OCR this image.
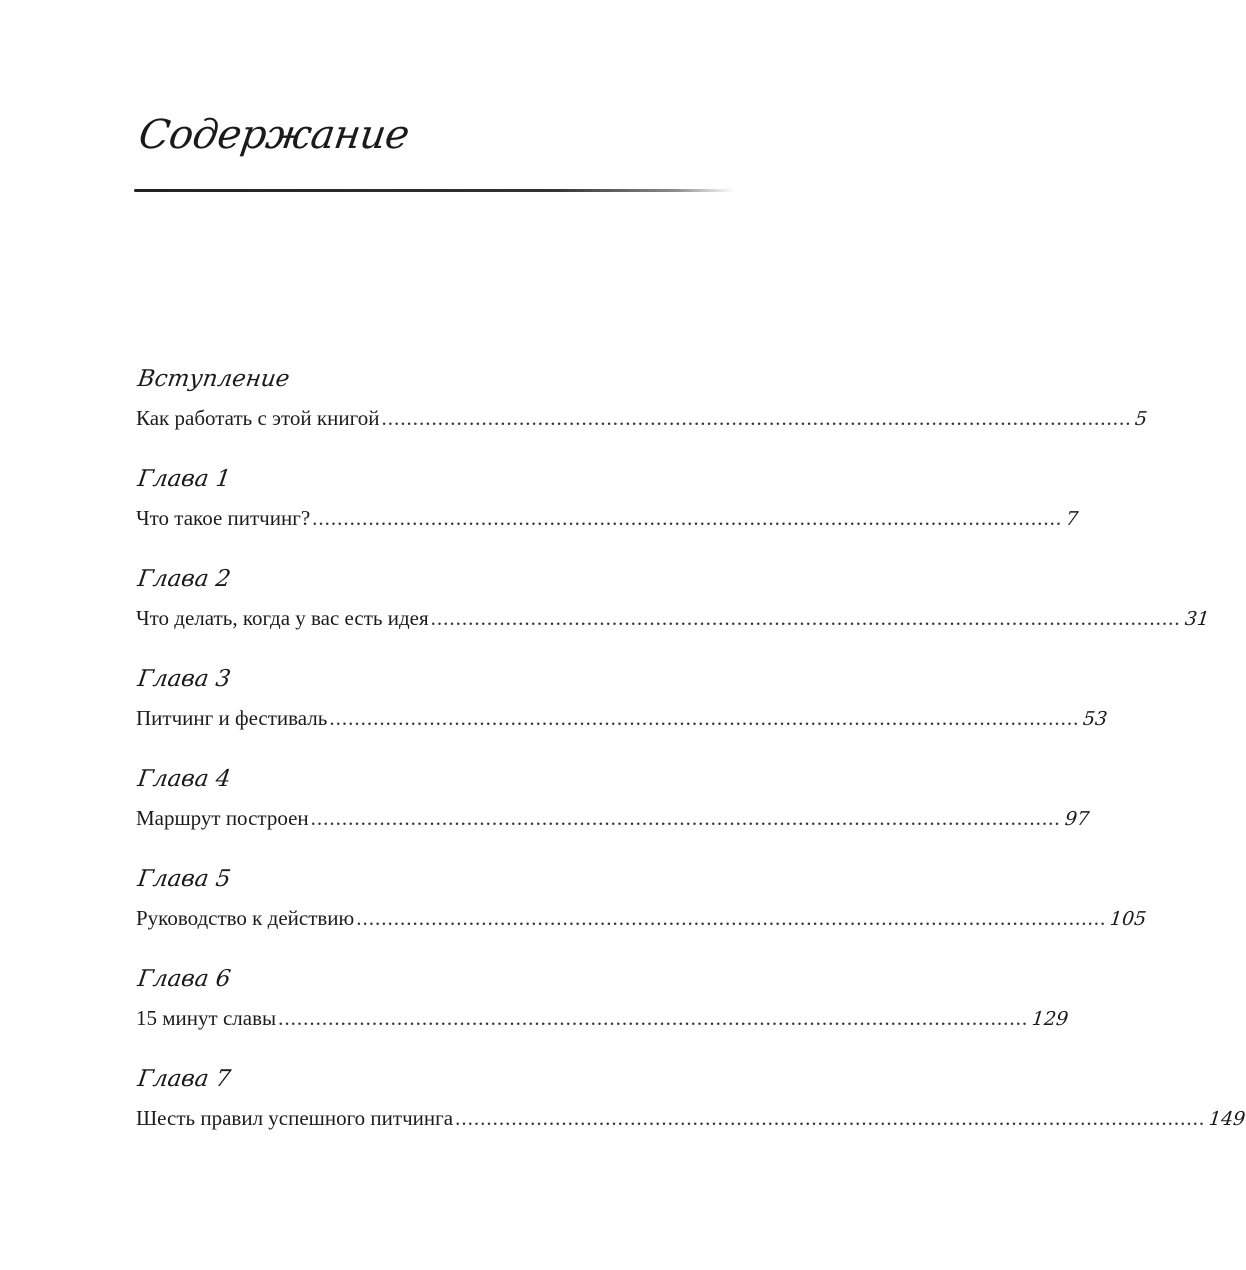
Содержание
Вступление
Как работать с этой книгой ........................................................................................................................ 5
Глава 1
Что такое питчинг? ........................................................................................................................ 7
Глава 2
Что делать, когда у вас есть идея ........................................................................................................................ 31
Глава 3
Питчинг и фестиваль ........................................................................................................................ 53
Глава 4
Маршрут построен ........................................................................................................................ 97
Глава 5
Руководство к действию ........................................................................................................................ 105
Глава 6
15 минут славы ........................................................................................................................ 129
Глава 7
Шесть правил успешного питчинга ........................................................................................................................ 149
